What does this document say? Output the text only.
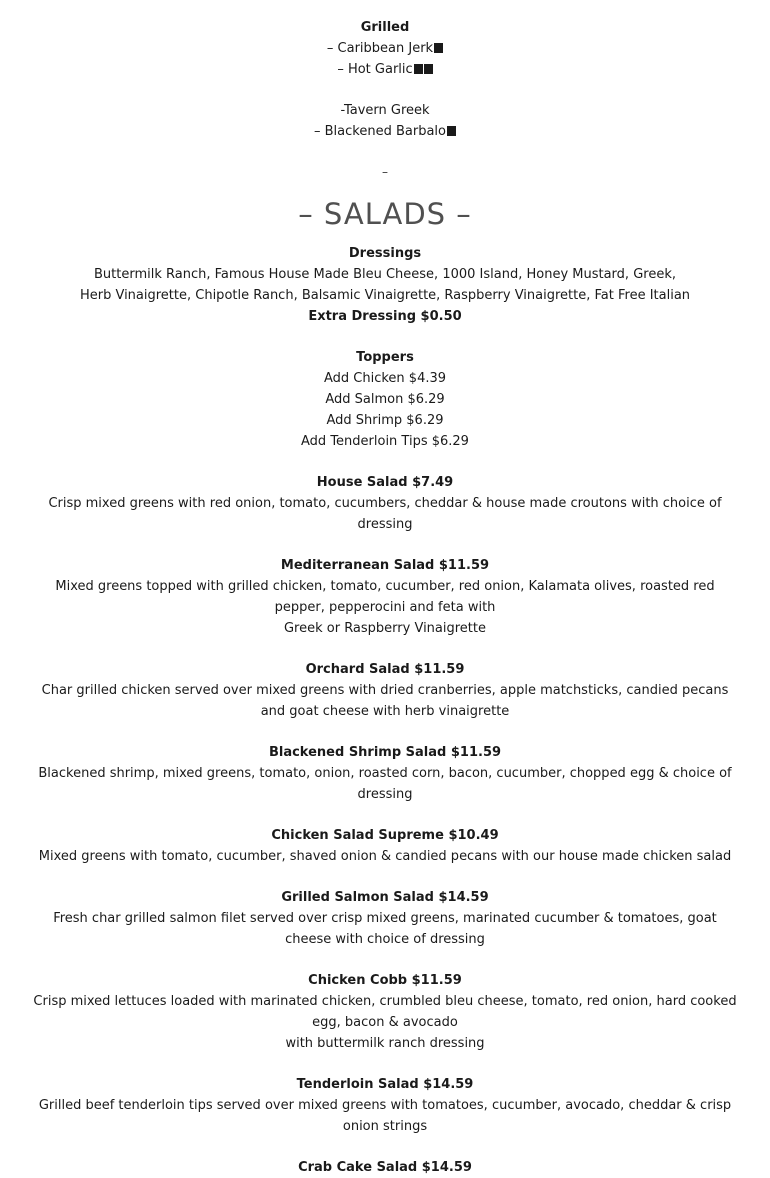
Grilled

– Caribbean Jerk

– Hot Garlic

-Tavern Greek

– Blackened Barbalo

–

– SALADS –

Dressings

Buttermilk Ranch, Famous House Made Bleu Cheese, 1000 Island, Honey Mustard, Greek,

Herb Vinaigrette, Chipotle Ranch, Balsamic Vinaigrette, Raspberry Vinaigrette, Fat Free Italian

Extra Dressing $0.50

Toppers

Add Chicken $4.39

Add Salmon $6.29

Add Shrimp $6.29

Add Tenderloin Tips $6.29

House Salad $7.49
Crisp mixed greens with red onion, tomato, cucumbers, cheddar & house made croutons with choice of dressing
Mediterranean Salad $11.59
Mixed greens topped with grilled chicken, tomato, cucumber, red onion, Kalamata olives, roasted red pepper, pepperocini and feta with
Greek or Raspberry Vinaigrette
Orchard Salad $11.59
Char grilled chicken served over mixed greens with dried cranberries, apple matchsticks, candied pecans and goat cheese with herb vinaigrette
Blackened Shrimp Salad $11.59
Blackened shrimp, mixed greens, tomato, onion, roasted corn, bacon, cucumber, chopped egg & choice of dressing
Chicken Salad Supreme $10.49
Mixed greens with tomato, cucumber, shaved onion & candied pecans with our house made chicken salad
Grilled Salmon Salad $14.59
Fresh char grilled salmon filet served over crisp mixed greens, marinated cucumber & tomatoes, goat cheese with choice of dressing
Chicken Cobb $11.59
Crisp mixed lettuces loaded with marinated chicken, crumbled bleu cheese, tomato, red onion, hard cooked egg, bacon & avocado
with buttermilk ranch dressing
Tenderloin Salad $14.59
Grilled beef tenderloin tips served over mixed greens with tomatoes, cucumber, avocado, cheddar & crisp onion strings
Crab Cake Salad $14.59
